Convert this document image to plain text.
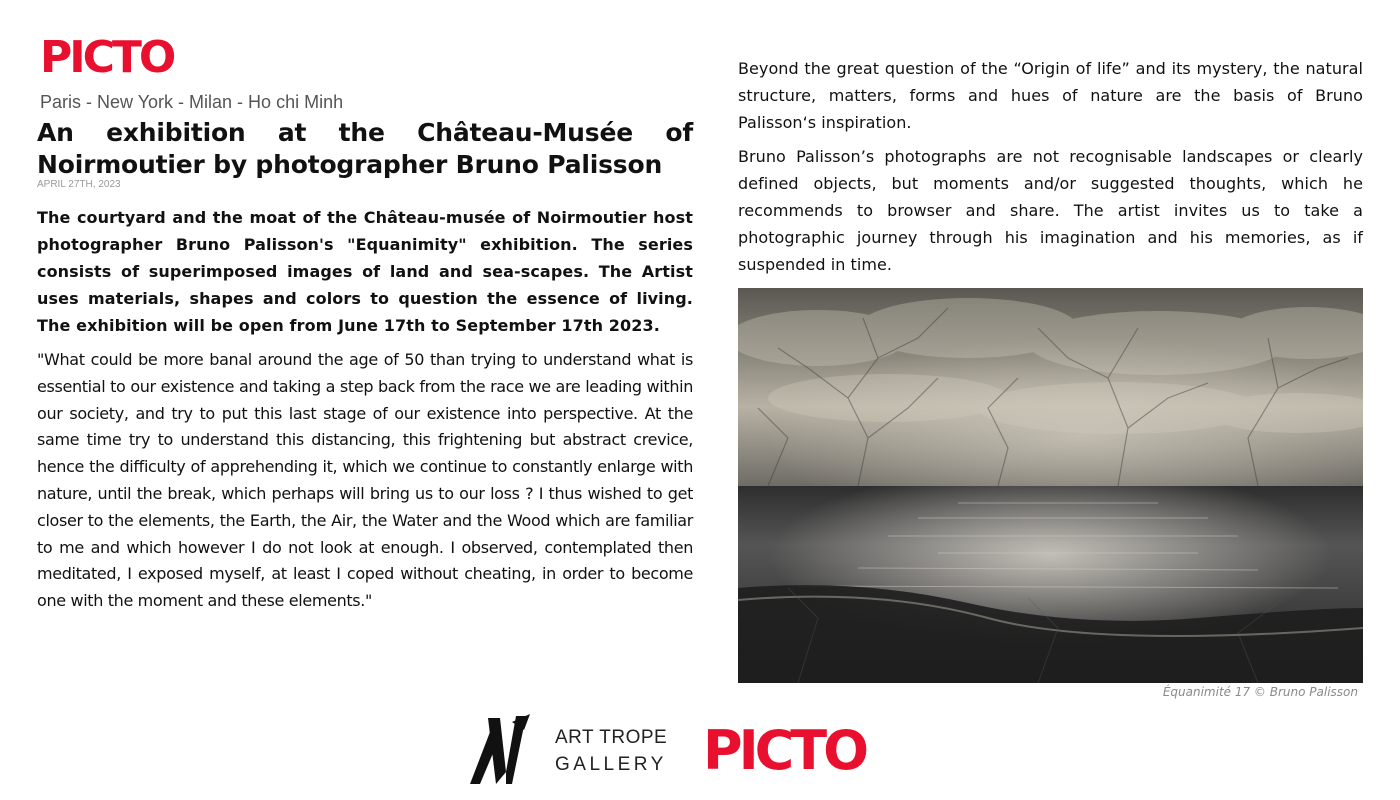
PICTO
Paris - New York - Milan - Ho chi Minh
An exhibition at the Château-Musée of Noirmoutier by photographer Bruno Palisson
APRIL 27TH, 2023

The courtyard and the moat of the Château-musée of Noirmoutier host photographer Bruno Palisson's "Equanimity" exhibition. The series consists of superimposed images of land and sea-scapes. The Artist uses materials, shapes and colors to question the essence of living. The exhibition will be open from June 17th to September 17th 2023.

"What could be more banal around the age of 50 than trying to understand what is essential to our existence and taking a step back from the race we are leading within our society, and try to put this last stage of our existence into perspective. At the same time try to understand this distancing, this frightening but abstract crevice, hence the difficulty of apprehending it, which we continue to constantly enlarge with nature, until the break, which perhaps will bring us to our loss ? I thus wished to get closer to the elements, the Earth, the Air, the Water and the Wood which are familiar to me and which however I do not look at enough. I observed, contemplated then meditated, I exposed myself, at least I coped without cheating, in order to become one with the moment and these elements."

Beyond the great question of the “Origin of life” and its mystery, the natural structure, matters, forms and hues of nature are the basis of Bruno Palisson‘s inspiration.

Bruno Palisson’s photographs are not recognisable landscapes or clearly defined objects, but moments and/or suggested thoughts, which he recommends to browser and share. The artist invites us to take a photographic journey through his imagination and his memories, as if suspended in time.

Équanimité 17 © Bruno Palisson
ART TROPE
GALLERY PICTO
